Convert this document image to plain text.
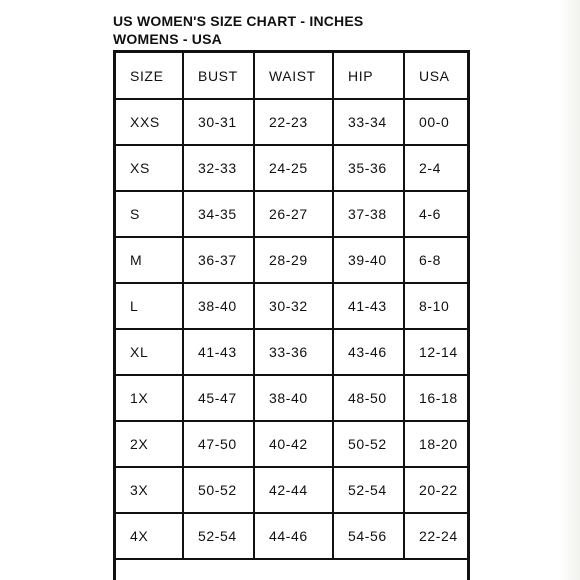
US WOMEN'S SIZE CHART - INCHES
WOMENS - USA
SIZE	BUST	WAIST	HIP	USA
XXS	30-31	22-23	33-34	00-0
XS	32-33	24-25	35-36	2-4
S	34-35	26-27	37-38	4-6
M	36-37	28-29	39-40	6-8
L	38-40	30-32	41-43	8-10
XL	41-43	33-36	43-46	12-14
1X	45-47	38-40	48-50	16-18
2X	47-50	40-42	50-52	18-20
3X	50-52	42-44	52-54	20-22
4X	52-54	44-46	54-56	22-24
